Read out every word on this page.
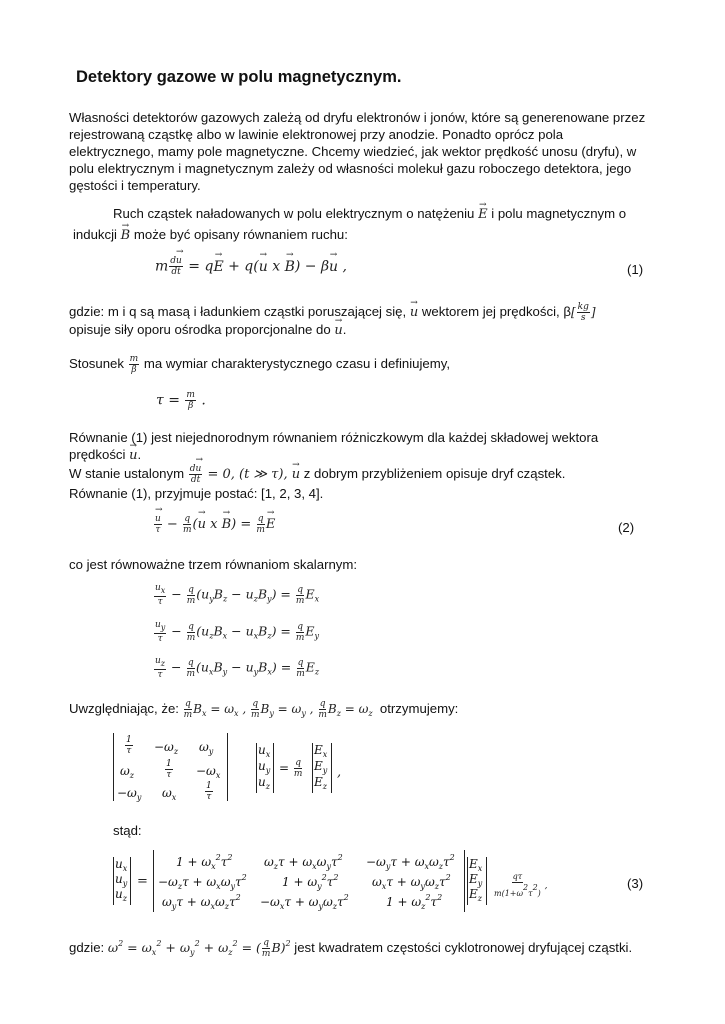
Detektory gazowe w polu magnetycznym.
Własności detektorów gazowych zależą od dryfu elektronów i jonów, które są generenowane przez
rejestrowaną cząstkę albo w lawinie elektronowej przy anodzie. Ponadto oprócz pola
elektrycznego, mamy pole magnetyczne. Chcemy wiedzieć, jak wektor prędkość unosu (dryfu), w
polu elektrycznym i magnetycznym zależy od własności molekuł gazu roboczego detektora, jego
gęstości i temperatury.
Ruch cząstek naładowanych w polu elektrycznym o natężeniu → E i polu magnetycznym o
indukcji → B może być opisany równaniem ruchu:
m $\frac{d\to u}{dt} = q\to E + q(\to u$ x → B) − β→ u ,	(1)
gdzie: m i q są masą i ładunkiem cząstki poruszającej się, → u wektorem jej prędkości, $\beta[ \frac{kg}{s}$ ]
opisuje siły oporu ośrodka proporcjonalne do → u.
Stosunek $\frac{m}{\beta}$ ma wymiar charakterystycznego czasu i definiujemy,
$\tau = \frac{m}{\beta}$ .
Równanie (1) jest niejednorodnym równaniem różniczkowym dla każdej składowej wektora
prędkości → u.
W stanie ustalonym $\frac{d\to u}{dt} = 0$, (t ≫ τ), → u z dobrym przybliżeniem opisuje dryf cząstek.
Równanie (1), przyjmuje postać: [1, 2, 3, 4].
→ $\frac{u}{\tau} - \frac{q}{m}$ (→ u $x \to B) = \frac{q}{m}$
→ E	(2)
co jest równoważne trzem równaniom skalarnym:
$\frac{ux}{\tau} - \frac{q}{m} (u_yB_z - u_zB_y) = \frac{q}{m} E_x$
$\frac{uy}{\tau} - \frac{q}{m} (u_zB_x - u_xB_z) = \frac{q}{m} E_y$
$\frac{uz}{\tau} - \frac{q}{m} (u_xB_y - u_yB_x) = \frac{q}{m} E_z$
Uwzględniając, że: $\frac{q}{m} B_x = \omega_x$ , $\frac{q}{m} B_y = \omega_y$ , $\frac{q}{m} B_z = \omega_z$ otrzymujemy:
$\frac{1}{\tau} -\omega_z$ $\omega_y$
$\omega_z$	$\frac{1}{\tau} -\omega_x$
$-\omega_y$ $\omega_x$	$\frac{1}{\tau}$
$u_x$
$u_y$
$u_z$
= $\frac{q}{m}$
$E_x$
$E_y$
$E_z$
,
stąd:
$u_x$
$u_y$
$u_z$
=
$1 + \omega_x^2\tau^2$	$\omega_z\tau + \omega_x\omega_y\tau^2 -\omega_y\tau + \omega_x\omega_z\tau^2$
$-\omega_z\tau + \omega_x\omega_y\tau^2$	$1 + \omega_y^2\tau^2$	$\omega_x\tau + \omega_y\omega_z\tau^2$
$\omega_y\tau + \omega_x\omega_z\tau^2 -\omega_x\tau + \omega_y\omega_z\tau^2$	$1 + \omega_z^2\tau^2$
$E_x$
$E_y$
$E_z \frac{q\tau}{m(1+\omega 2\tau 2)}$ ,	(3)
gdzie: $\omega^2 = \omega_x^2 + \omega_y^2 + \omega_z^2$ = ( $\frac{q}{m} B)^2$ jest kwadratem częstości cyklotronowej dryfującej cząstki.
